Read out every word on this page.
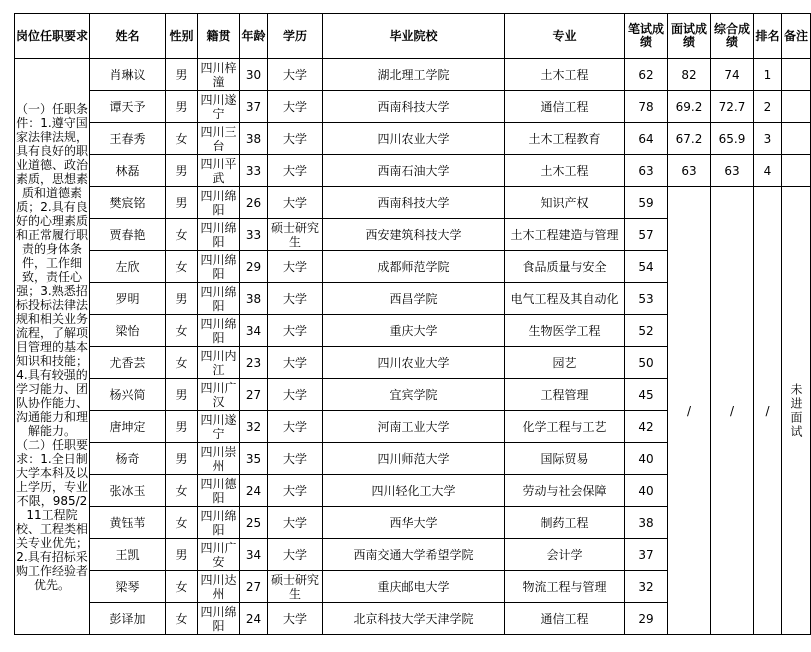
岗位任职要求	姓名	性别	籍贯	年龄	学历	毕业院校	专业	笔试成绩	面试成绩	综合成绩	排名	备注
（一）任职条件：1.遵守国家法律法规，具有良好的职业道德、政治素质，思想素质和道德素质；2.具有良好的心理素质和正常履行职责的身体条件，工作细致，责任心强；3.熟悉招标投标法律法规和相关业务流程，了解项目管理的基本知识和技能；4.具有较强的学习能力、团队协作能力、沟通能力和理解能力。
（二）任职要求：1.全日制大学本科及以上学历，专业不限，985/211工程院校、工程类相关专业优先；2.具有招标采购工作经验者优先。	肖琳议	男	四川梓潼	30	大学	湖北理工学院	土木工程	62	82	74	1	
	谭天予	男	四川遂宁	37	大学	西南科技大学	通信工程	78	69.2	72.7	2	
	王春秀	女	四川三台	38	大学	四川农业大学	土木工程教育	64	67.2	65.9	3	
	林磊	男	四川平武	33	大学	西南石油大学	土木工程	63	63	63	4	
	樊宸铭	男	四川绵阳	26	大学	西南科技大学	知识产权	59	/	/	/	未进面试
	贾春艳	女	四川绵阳	33	硕士研究生	西安建筑科技大学	土木工程建造与管理	57				
	左欣	女	四川绵阳	29	大学	成都师范学院	食品质量与安全	54				
	罗明	男	四川绵阳	38	大学	西昌学院	电气工程及其自动化	53				
	梁怡	女	四川绵阳	34	大学	重庆大学	生物医学工程	52				
	尤香芸	女	四川内江	23	大学	四川农业大学	园艺	50				
	杨兴简	男	四川广汉	27	大学	宜宾学院	工程管理	45				
	唐坤定	男	四川遂宁	32	大学	河南工业大学	化学工程与工艺	42				
	杨奇	男	四川崇州	35	大学	四川师范大学	国际贸易	40				
	张冰玉	女	四川德阳	24	大学	四川轻化工大学	劳动与社会保障	40				
	黄钰苇	女	四川绵阳	25	大学	西华大学	制药工程	38				
	王凯	男	四川广安	34	大学	西南交通大学希望学院	会计学	37				
	梁琴	女	四川达州	27	硕士研究生	重庆邮电大学	物流工程与管理	32				
	彭译加	女	四川绵阳	24	大学	北京科技大学天津学院	通信工程	29				
